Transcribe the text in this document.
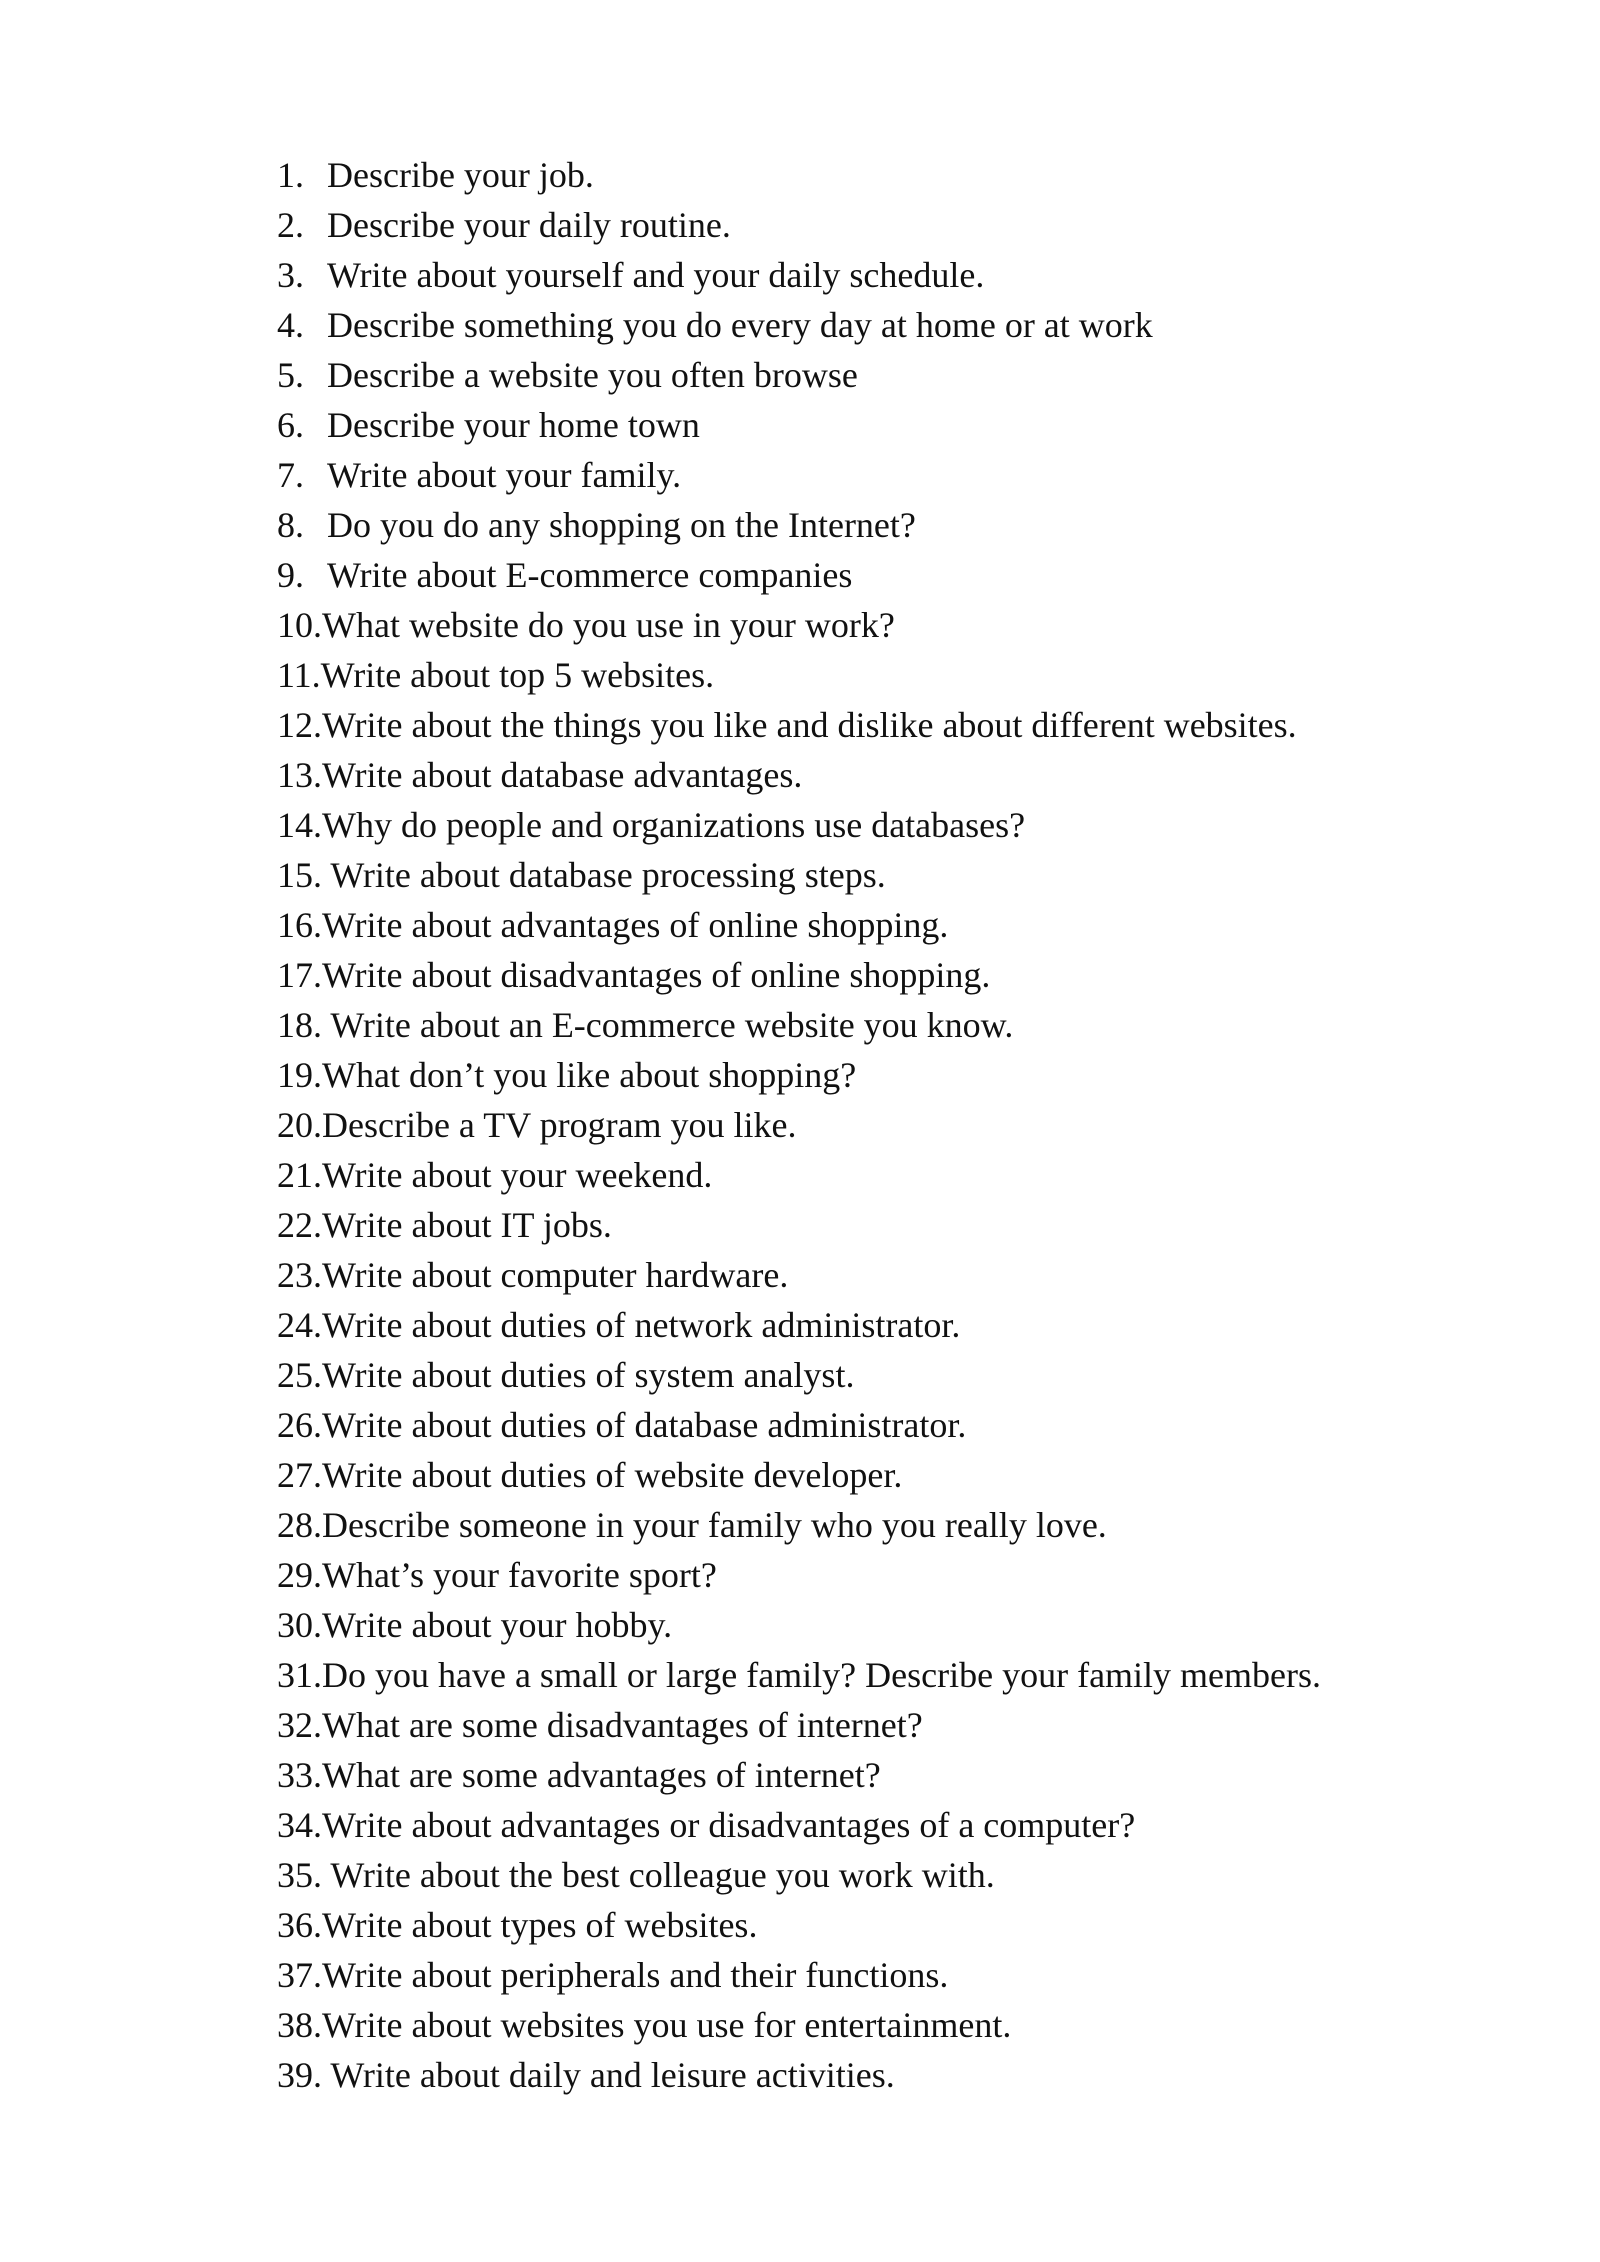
1. Describe your job.
2. Describe your daily routine.
3. Write about yourself and your daily schedule.
4. Describe something you do every day at home or at work
5. Describe a website you often browse
6. Describe your home town
7. Write about your family.
8. Do you do any shopping on the Internet?
9. Write about E-commerce companies
10.What website do you use in your work?
11.Write about top 5 websites.
12.Write about the things you like and dislike about different websites.
13.Write about database advantages.
14.Why do people and organizations use databases?
15. Write about database processing steps.
16.Write about advantages of online shopping.
17.Write about disadvantages of online shopping.
18. Write about an E-commerce website you know.
19.What don’t you like about shopping?
20.Describe a TV program you like.
21.Write about your weekend.
22.Write about IT jobs.
23.Write about computer hardware.
24.Write about duties of network administrator.
25.Write about duties of system analyst.
26.Write about duties of database administrator.
27.Write about duties of website developer.
28.Describe someone in your family who you really love.
29.What’s your favorite sport?
30.Write about your hobby.
31.Do you have a small or large family? Describe your family members.
32.What are some disadvantages of internet?
33.What are some advantages of internet?
34.Write about advantages or disadvantages of a computer?
35. Write about the best colleague you work with.
36.Write about types of websites.
37.Write about peripherals and their functions.
38.Write about websites you use for entertainment.
39. Write about daily and leisure activities.
